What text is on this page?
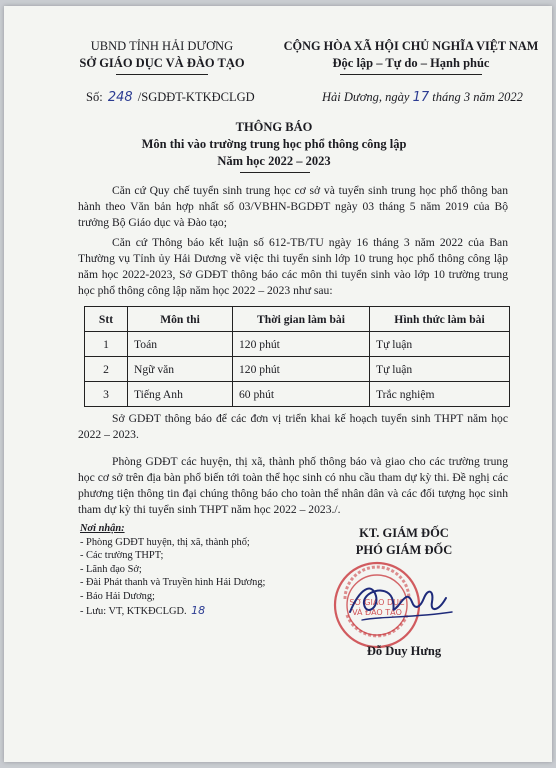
UBND TỈNH HẢI DƯƠNG
SỞ GIÁO DỤC VÀ ĐÀO TẠO
CỘNG HÒA XÃ HỘI CHỦ NGHĨA VIỆT NAM
Độc lập – Tự do – Hạnh phúc
Số: 248 /SGDĐT-KTKĐCLGD	Hải Dương, ngày 17 tháng 3 năm 2022
THÔNG BÁO
Môn thi vào trường trung học phổ thông công lập
Năm học 2022 – 2023
Căn cứ Quy chế tuyển sinh trung học cơ sở và tuyển sinh trung học phổ thông ban hành theo Văn bản hợp nhất số 03/VBHN-BGDĐT ngày 03 tháng 5 năm 2019 của Bộ trưởng Bộ Giáo dục và Đào tạo;
Căn cứ Thông báo kết luận số 612-TB/TU ngày 16 tháng 3 năm 2022 của Ban Thường vụ Tỉnh ủy Hải Dương về việc thi tuyển sinh lớp 10 trung học phổ thông công lập năm học 2022-2023, Sở GDĐT thông báo các môn thi tuyển sinh vào lớp 10 trường trung học phổ thông công lập năm học 2022 – 2023 như sau:
Stt	Môn thi	Thời gian làm bài	Hình thức làm bài
1	Toán	120 phút	Tự luận
2	Ngữ văn	120 phút	Tự luận
3	Tiếng Anh	60 phút	Trắc nghiệm
Sở GDĐT thông báo để các đơn vị triển khai kế hoạch tuyển sinh THPT năm học 2022 – 2023.
Phòng GDĐT các huyện, thị xã, thành phố thông báo và giao cho các trường trung học cơ sở trên địa bàn phổ biến tới toàn thể học sinh có nhu cầu tham dự kỳ thi. Đề nghị các phương tiện thông tin đại chúng thông báo cho toàn thể nhân dân và các đối tượng học sinh tham dự kỳ thi tuyển sinh THPT năm học 2022 – 2023./.
Nơi nhận:
- Phòng GDĐT huyện, thị xã, thành phố;
- Các trường THPT;
- Lãnh đạo Sở;
- Đài Phát thanh và Truyền hình Hải Dương;
- Báo Hải Dương;
- Lưu: VT, KTKĐCLGD. 18
KT. GIÁM ĐỐC
PHÓ GIÁM ĐỐC
SỞ GIÁO DỤC
VÀ ĐÀO TẠO
Đỗ Duy Hưng
